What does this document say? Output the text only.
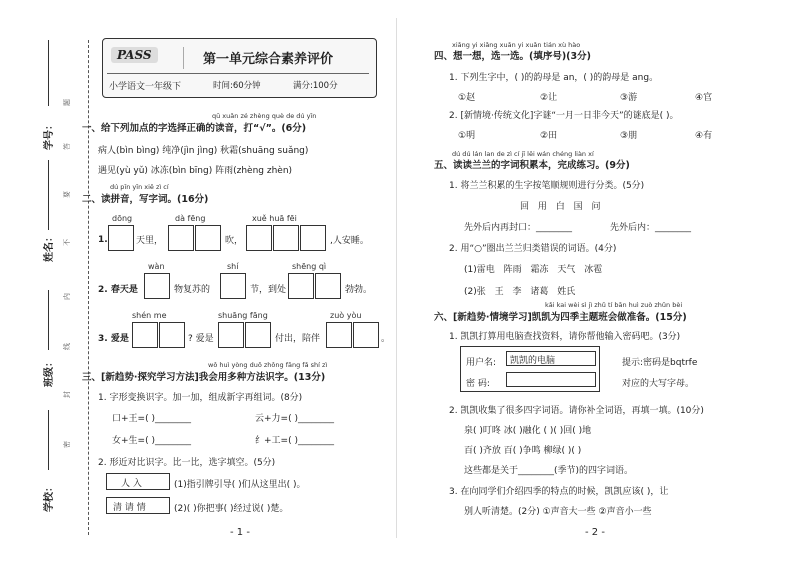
学号：
姓名：
班级：
学校：
题
答
要
不
内
线
封
密
PASS	第一单元综合素养评价
小学语文一年级下	时间:60分钟	满分:100分
qū xuǎn zé zhèng què de dú yīn
一、给下列加点的字选择正确的读音，打“√”。(6分)
病人(bìn bìng) 纯净(jìn jìng) 秋霜(shuāng suǎng)
遇见(yù yǔ) 冰冻(bìn bīng) 阵雨(zhèng zhèn)
dú pīn yīn xiě zì cí
二、读拼音，写字词。(16分)
dōng	dà fēng	xuě huā fēi
1.	天里，	吹，	,人安睡。
wàn	shí	shēng qì
2. 春天是	物复苏的	节，到处	勃勃。
shén me	shuāng fāng	zuò yòu
3. 爱是	? 爱是	付出，陪伴	。
wǒ huì yòng duō zhǒng fāng fǎ shí zì
三、[新趋势·探究学习方法]我会用多种方法识字。(13分)
1. 字形变换识字。加一加，组成新字再组词。(8分)
口+王=( )________	云+力=( )________
女+生=( )________	纟+工=( )________
2. 形近对比识字。比一比，选字填空。(5分)
人 入	(1)指引牌引导( )们从这里出( )。
清 请 情	(2)( )你把事( )经过说( )楚。
- 1 -
xiǎng yi xiǎng xuǎn yi xuǎn tián xù hào
四、想一想，选一选。(填序号)(3分)
1. 下列生字中，( )的韵母是 an，( )的韵母是 ang。
①赵	②让	③游	④官
2. [新情境·传统文化]字谜“一月一日非今天”的谜底是( )。
①明	②田	③朋	④有
dú dú lán lan de zì cí jī lěi wán chéng liàn xí
五、读读兰兰的字词积累本，完成练习。(9分)
1. 将兰兰积累的生字按笔顺规则进行分类。(5分)
回 用 白 国 问
先外后内再封口：________	先外后内：________
2. 用“○”圈出兰兰归类错误的词语。(4分)
(1)雷电 阵雨 霜冻 天气 冰雹
(2)张 王 李 诸葛 姓氏
kǎi kai wèi sì jì zhǔ tí bān huì zuò zhǔn bèi
六、[新趋势·情境学习]凯凯为四季主题班会做准备。(15分)
1. 凯凯打算用电脑查找资料，请你帮他输入密码吧。(3分)
用户名:	凯凯的电脑
密 码:
提示:密码是bqtrfe
对应的大写字母。
2. 凯凯收集了很多四字词语。请你补全词语，再填一填。(10分)
泉( )叮咚 冰( )融化 ( )( )回( )地
百( )齐放 百( )争鸣 柳绿( )( )
这些都是关于________(季节)的四字词语。
3. 在向同学们介绍四季的特点的时候，凯凯应该( )，让
别人听清楚。(2分) ①声音大一些 ②声音小一些
- 2 -
